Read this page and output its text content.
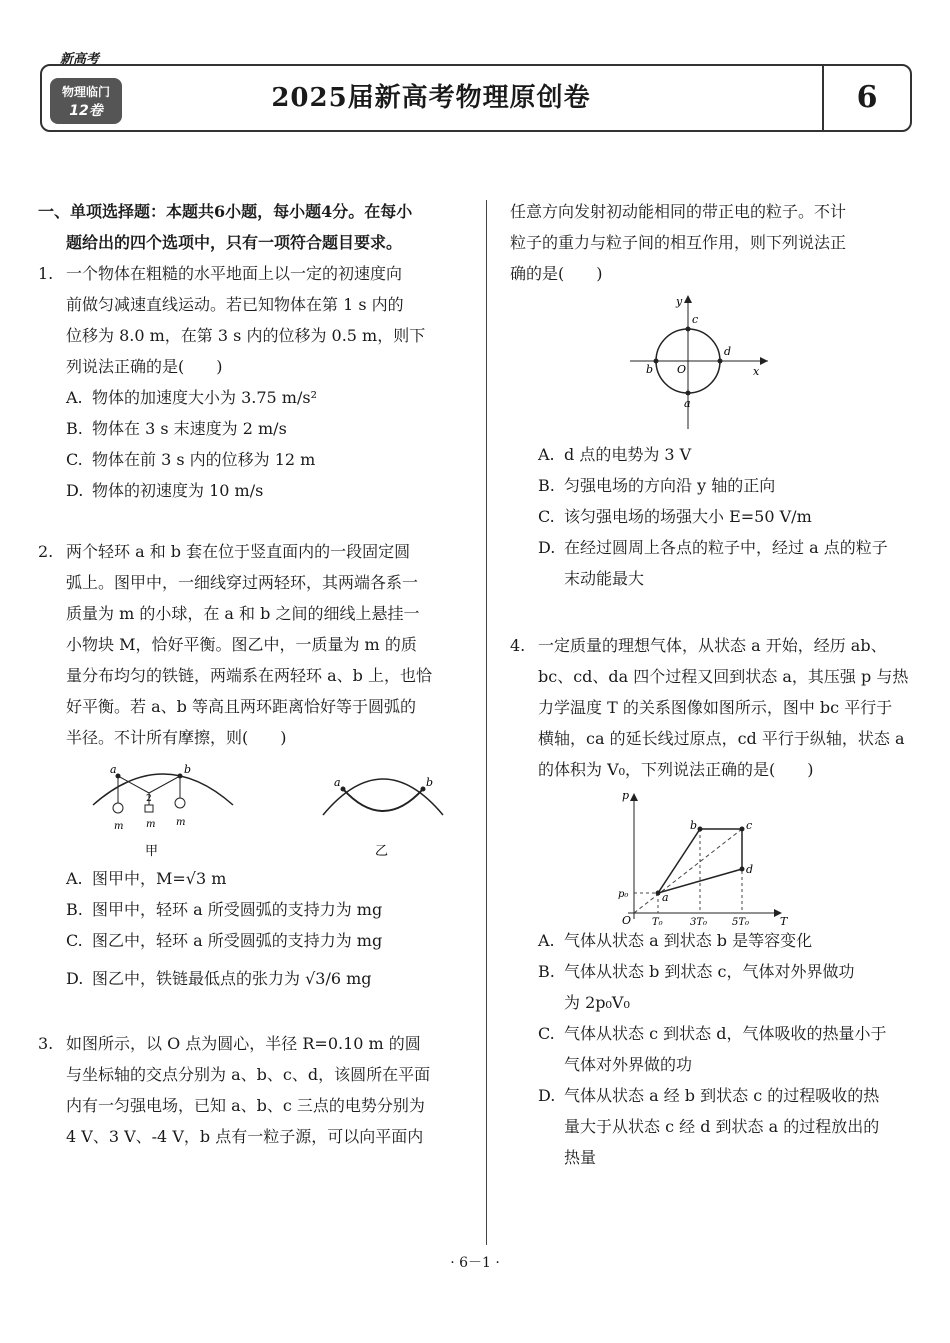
新高考
2025届新高考物理原创卷	6
物理临门
12卷

一、单项选择题：本题共6小题，每小题4分。在每小

题给出的四个选项中，只有一项符合题目要求。

1. 一个物体在粗糙的水平地面上以一定的初速度向

前做匀减速直线运动。若已知物体在第 1 s 内的

位移为 8.0 m，在第 3 s 内的位移为 0.5 m，则下

列说法正确的是(　　)

A. 物体的加速度大小为 3.75 m/s²
B. 物体在 3 s 末速度为 2 m/s
C. 物体在前 3 s 内的位移为 12 m
D. 物体的初速度为 10 m/s
2. 两个轻环 a 和 b 套在位于竖直面内的一段固定圆

弧上。图甲中，一细线穿过两轻环，其两端各系一

质量为 m 的小球，在 a 和 b 之间的细线上悬挂一

小物块 M，恰好平衡。图乙中，一质量为 m 的质

量分布均匀的铁链，两端系在两轻环 a、b 上，也恰

好平衡。若 a、b 等高且两环距离恰好等于圆弧的

半径。不计所有摩擦，则(　　)

a	b
m m m
2
甲
a	b
乙
A. 图甲中，M=√3 m
B. 图甲中，轻环 a 所受圆弧的支持力为 mg
C. 图乙中，轻环 a 所受圆弧的支持力为 mg
D. 图乙中，铁链最低点的张力为 √3/6 mg
3. 如图所示，以 O 点为圆心，半径 R=0.10 m 的圆

与坐标轴的交点分别为 a、b、c、d，该圆所在平面

内有一匀强电场，已知 a、b、c 三点的电势分别为

4 V、3 V、-4 V，b 点有一粒子源，可以向平面内

任意方向发射初动能相同的带正电的粒子。不计

粒子的重力与粒子间的相互作用，则下列说法正

确的是(　　)

c
a
b
d
O	x
y
A. d 点的电势为 3 V
B. 匀强电场的方向沿 y 轴的正向
C. 该匀强电场的场强大小 E=50 V/m
D. 在经过圆周上各点的粒子中，经过 a 点的粒子
末动能最大
4. 一定质量的理想气体，从状态 a 开始，经历 ab、

bc、cd、da 四个过程又回到状态 a，其压强 p 与热

力学温度 T 的关系图像如图所示，图中 bc 平行于

横轴，ca 的延长线过原点，cd 平行于纵轴，状态 a

的体积为 V₀，下列说法正确的是(　　)

p
T
O
p₀
T₀	3T₀ 5T₀
a
b	c
d
A. 气体从状态 a 到状态 b 是等容变化
B. 气体从状态 b 到状态 c，气体对外界做功
为 2p₀V₀
C. 气体从状态 c 到状态 d，气体吸收的热量小于
气体对外界做的功
D. 气体从状态 a 经 b 到状态 c 的过程吸收的热
量大于从状态 c 经 d 到状态 a 的过程放出的
热量
· 6－1 ·
